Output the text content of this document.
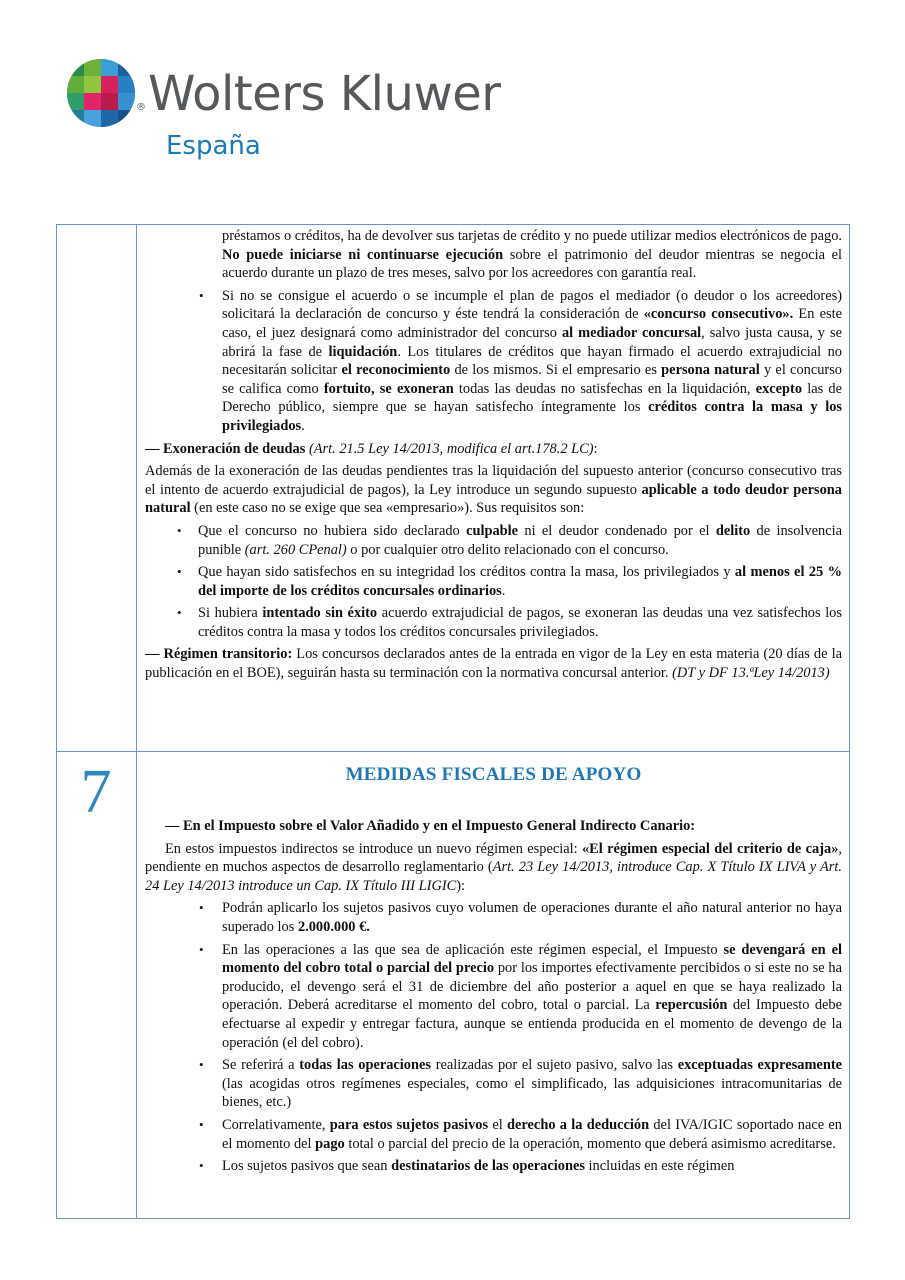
® Wolters Kluwer
España
7
préstamos o créditos, ha de devolver sus tarjetas de crédito y no puede utilizar medios electrónicos de pago. No puede iniciarse ni continuarse ejecución sobre el patrimonio del deudor mientras se negocia el acuerdo durante un plazo de tres meses, salvo por los acreedores con garantía real.
• Si no se consigue el acuerdo o se incumple el plan de pagos el mediador (o deudor o los acreedores) solicitará la declaración de concurso y éste tendrá la consideración de «concurso consecutivo». En este caso, el juez designará como administrador del concurso al mediador concursal, salvo justa causa, y se abrirá la fase de liquidación. Los titulares de créditos que hayan firmado el acuerdo extrajudicial no necesitarán solicitar el reconocimiento de los mismos. Si el empresario es persona natural y el concurso se califica como fortuito, se exoneran todas las deudas no satisfechas en la liquidación, excepto las de Derecho público, siempre que se hayan satisfecho íntegramente los créditos contra la masa y los privilegiados.

— Exoneración de deudas (Art. 21.5 Ley 14/2013, modifica el art.178.2 LC):

Además de la exoneración de las deudas pendientes tras la liquidación del supuesto anterior (concurso consecutivo tras el intento de acuerdo extrajudicial de pagos), la Ley introduce un segundo supuesto aplicable a todo deudor persona natural (en este caso no se exige que sea «empresario»). Sus requisitos son:

• Que el concurso no hubiera sido declarado culpable ni el deudor condenado por el delito de insolvencia punible (art. 260 CPenal) o por cualquier otro delito relacionado con el concurso.
• Que hayan sido satisfechos en su integridad los créditos contra la masa, los privilegiados y al menos el 25 % del importe de los créditos concursales ordinarios.
• Si hubiera intentado sin éxito acuerdo extrajudicial de pagos, se exoneran las deudas una vez satisfechos los créditos contra la masa y todos los créditos concursales privilegiados.

— Régimen transitorio: Los concursos declarados antes de la entrada en vigor de la Ley en esta materia (20 días de la publicación en el BOE), seguirán hasta su terminación con la normativa concursal anterior. (DT y DF 13.ªLey 14/2013)

MEDIDAS FISCALES DE APOYO
— En el Impuesto sobre el Valor Añadido y en el Impuesto General Indirecto Canario:

En estos impuestos indirectos se introduce un nuevo régimen especial: «El régimen especial del criterio de caja», pendiente en muchos aspectos de desarrollo reglamentario (Art. 23 Ley 14/2013, introduce Cap. X Título IX LIVA y Art. 24 Ley 14/2013 introduce un Cap. IX Título III LIGIC):

• Podrán aplicarlo los sujetos pasivos cuyo volumen de operaciones durante el año natural anterior no haya superado los 2.000.000 €.
• En las operaciones a las que sea de aplicación este régimen especial, el Impuesto se devengará en el momento del cobro total o parcial del precio por los importes efectivamente percibidos o si este no se ha producido, el devengo será el 31 de diciembre del año posterior a aquel en que se haya realizado la operación. Deberá acreditarse el momento del cobro, total o parcial. La repercusión del Impuesto debe efectuarse al expedir y entregar factura, aunque se entienda producida en el momento de devengo de la operación (el del cobro).
• Se referirá a todas las operaciones realizadas por el sujeto pasivo, salvo las exceptuadas expresamente (las acogidas otros regímenes especiales, como el simplificado, las adquisiciones intracomunitarias de bienes, etc.)
• Correlativamente, para estos sujetos pasivos el derecho a la deducción del IVA/IGIC soportado nace en el momento del pago total o parcial del precio de la operación, momento que deberá asimismo acreditarse.
• Los sujetos pasivos que sean destinatarios de las operaciones incluidas en este régimen
